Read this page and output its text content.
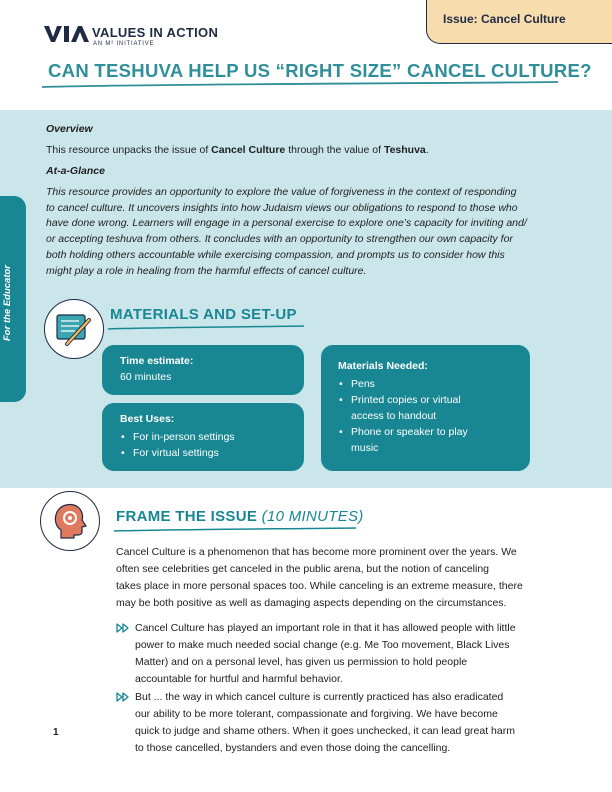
Issue: Cancel Culture
VALUES IN ACTION
AN M² INITIATIVE
CAN TESHUVA HELP US “RIGHT SIZE” CANCEL CULTURE?
For the Educator
Overview
This resource unpacks the issue of Cancel Culture through the value of Teshuva.
At-a-Glance
This resource provides an opportunity to explore the value of forgiveness in the context of responding
to cancel culture. It uncovers insights into how Judaism views our obligations to respond to those who
have done wrong. Learners will engage in a personal exercise to explore one’s capacity for inviting and/
or accepting teshuva from others. It concludes with an opportunity to strengthen our own capacity for
both holding others accountable while exercising compassion, and prompts us to consider how this
might play a role in healing from the harmful effects of cancel culture.
MATERIALS AND SET-UP
Time estimate:
60 minutes
Best Uses:
• For in-person settings
• For virtual settings
Materials Needed:
• Pens
• Printed copies or virtual
access to handout
• Phone or speaker to play
music
FRAME THE ISSUE (10 MINUTES)
Cancel Culture is a phenomenon that has become more prominent over the years. We
often see celebrities get canceled in the public arena, but the notion of canceling
takes place in more personal spaces too. While canceling is an extreme measure, there
may be both positive as well as damaging aspects depending on the circumstances.
Cancel Culture has played an important role in that it has allowed people with little
power to make much needed social change (e.g. Me Too movement, Black Lives
Matter) and on a personal level, has given us permission to hold people
accountable for hurtful and harmful behavior.
But ... the way in which cancel culture is currently practiced has also eradicated
our ability to be more tolerant, compassionate and forgiving. We have become
quick to judge and shame others. When it goes unchecked, it can lead great harm
to those cancelled, bystanders and even those doing the cancelling.
1
